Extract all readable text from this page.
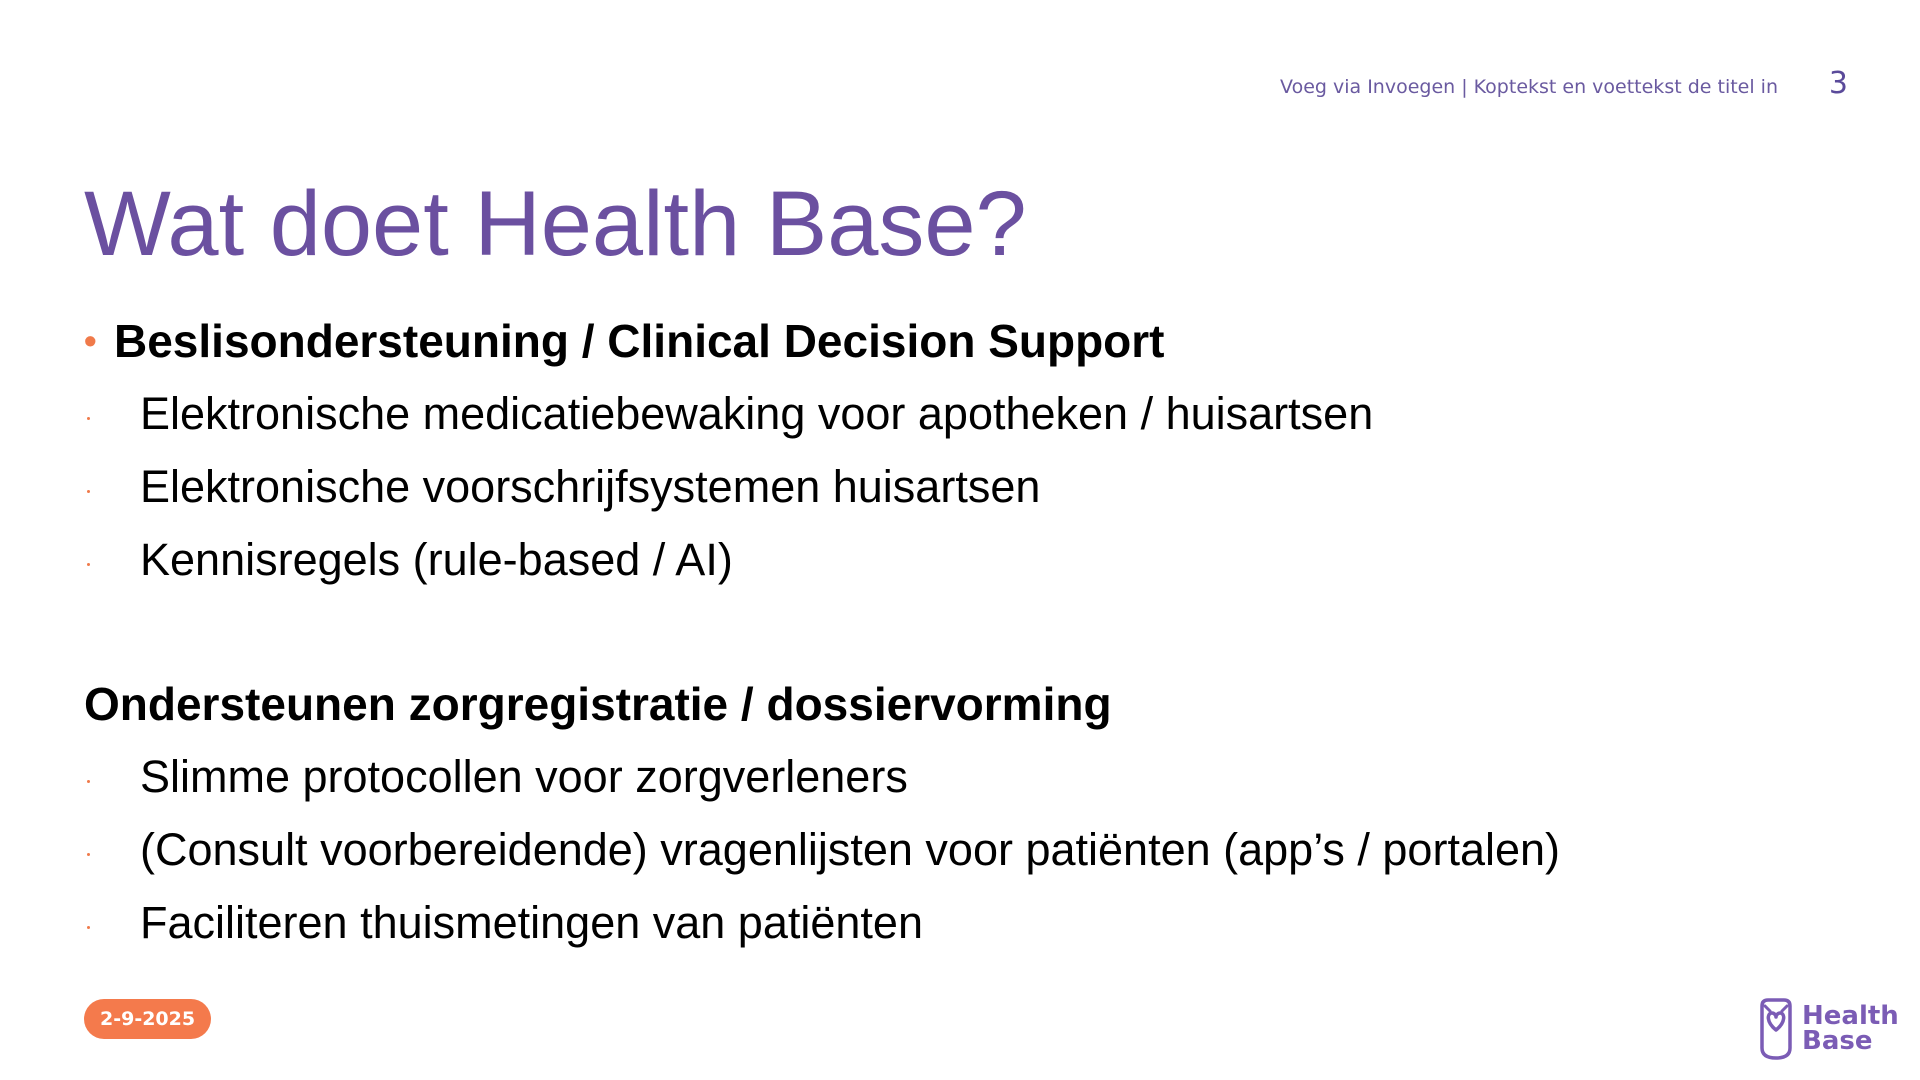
Voeg via Invoegen | Koptekst en voettekst de titel in 3
Wat doet Health Base?
• Beslisondersteuning / Clinical Decision Support
Elektronische medicatiebewaking voor apotheken / huisartsen
Elektronische voorschrijfsystemen huisartsen
Kennisregels (rule-based / AI)
Ondersteunen zorgregistratie / dossiervorming
Slimme protocollen voor zorgverleners
(Consult voorbereidende) vragenlijsten voor patiënten (app’s / portalen)
Faciliteren thuismetingen van patiënten
2-9-2025	Health
Base
